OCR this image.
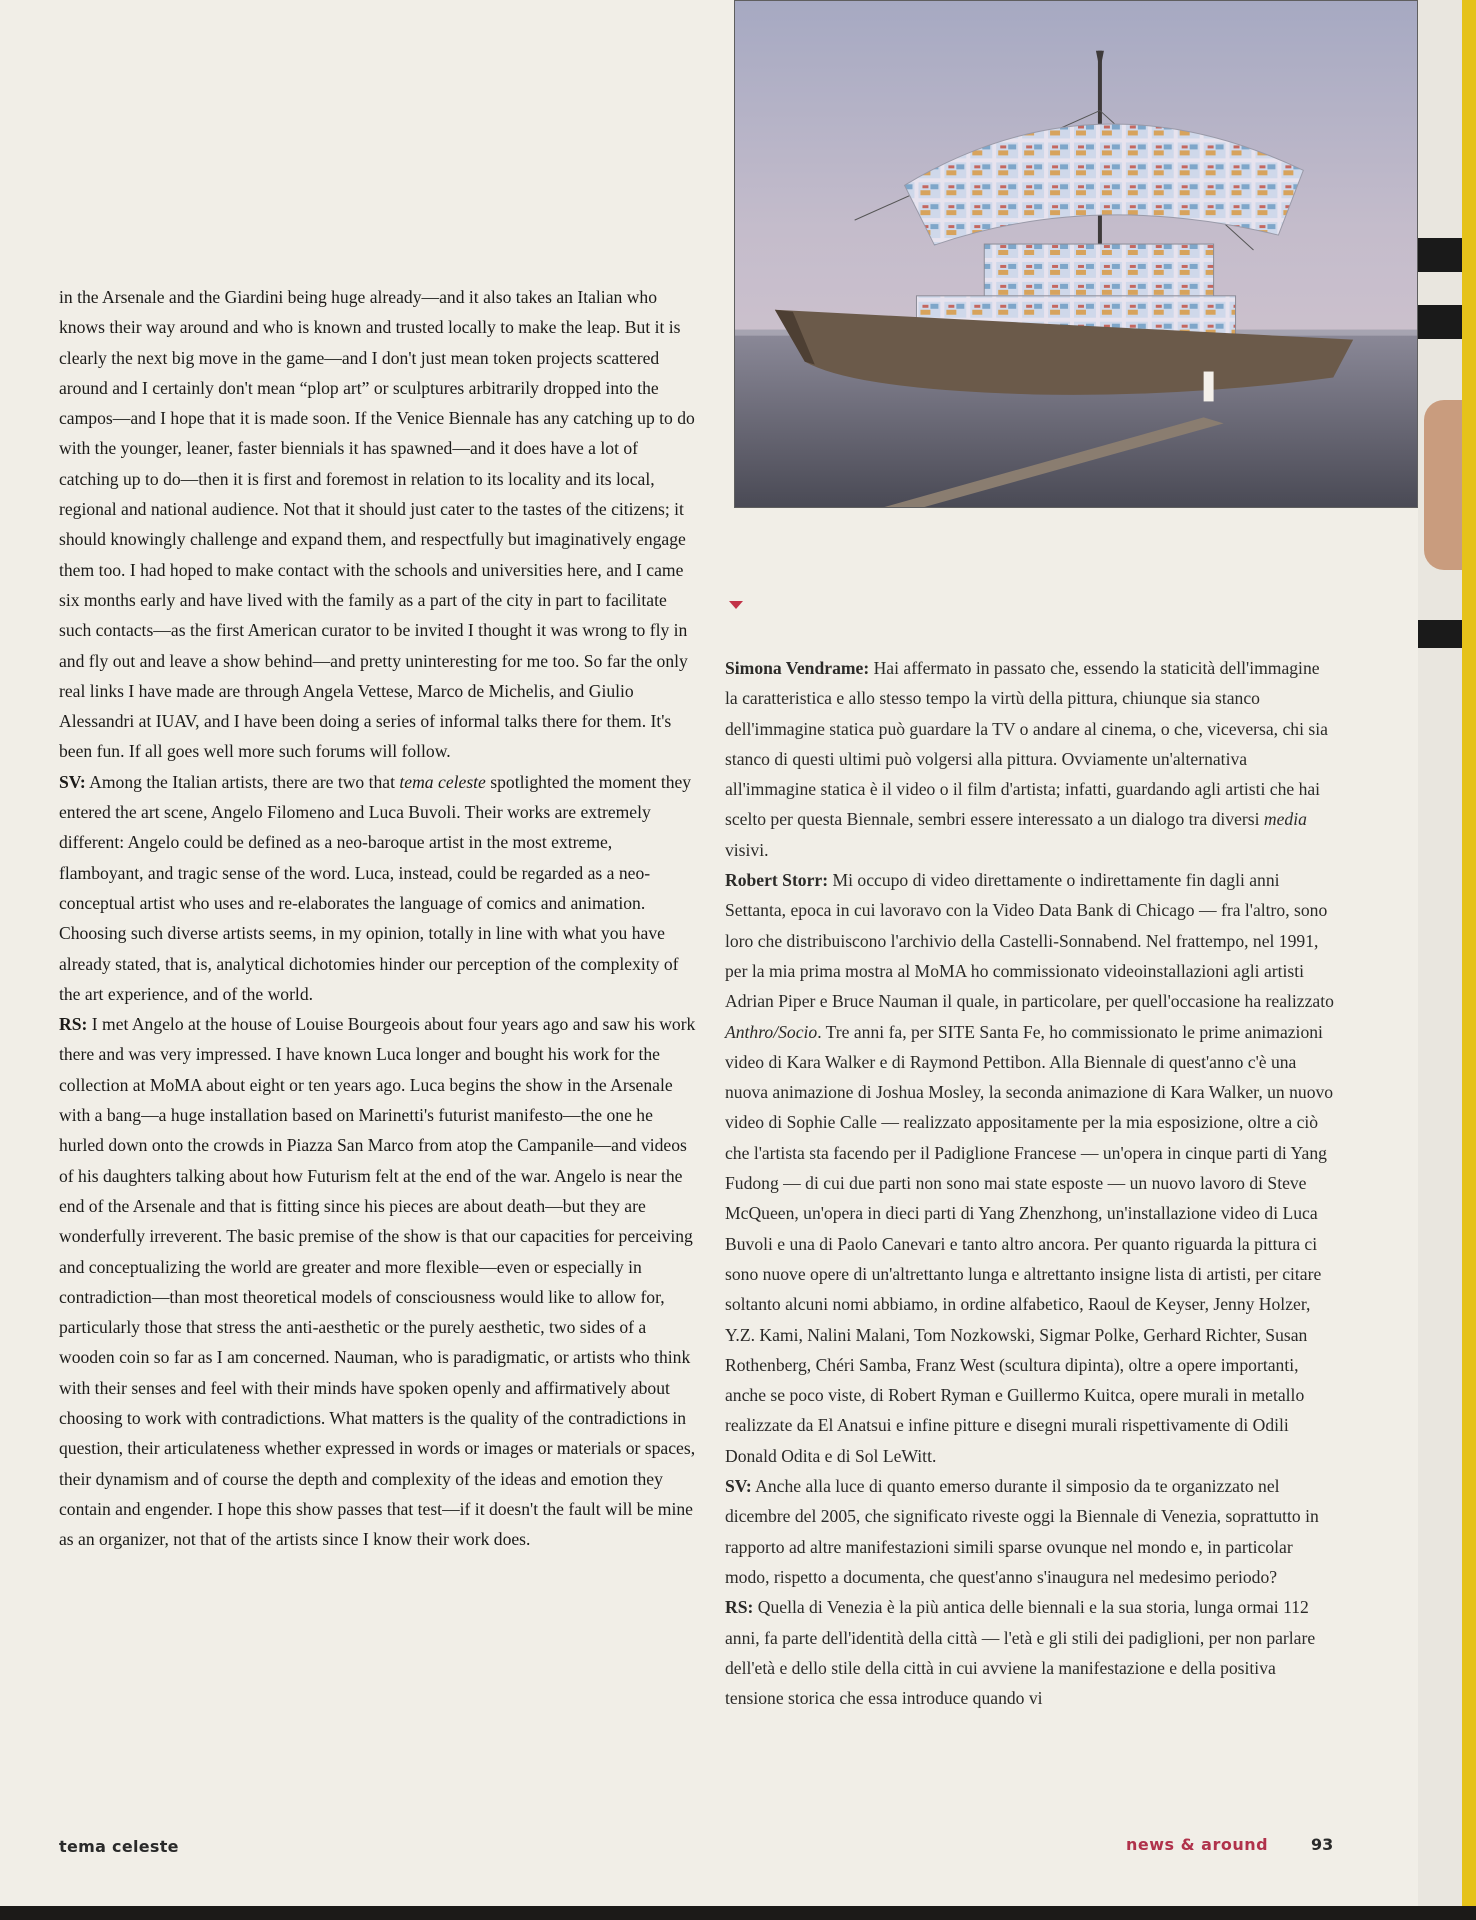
in the Arsenale and the Giardini being huge already—and it also takes an Italian who knows their way around and who is known and trusted locally to make the leap. But it is clearly the next big move in the game—and I don't just mean token projects scattered around and I certainly don't mean “plop art” or sculptures arbitrarily dropped into the campos—and I hope that it is made soon. If the Venice Biennale has any catching up to do with the younger, leaner, faster biennials it has spawned—and it does have a lot of catching up to do—then it is first and foremost in relation to its locality and its local, regional and national audience. Not that it should just cater to the tastes of the citizens; it should knowingly challenge and expand them, and respectfully but imaginatively engage them too. I had hoped to make contact with the schools and universities here, and I came six months early and have lived with the family as a part of the city in part to facilitate such contacts—as the first American curator to be invited I thought it was wrong to fly in and fly out and leave a show behind—and pretty uninteresting for me too. So far the only real links I have made are through Angela Vettese, Marco de Michelis, and Giulio Alessandri at IUAV, and I have been doing a series of informal talks there for them. It's been fun. If all goes well more such forums will follow.

SV: Among the Italian artists, there are two that tema celeste spotlighted the moment they entered the art scene, Angelo Filomeno and Luca Buvoli. Their works are extremely different: Angelo could be defined as a neo-baroque artist in the most extreme, flamboyant, and tragic sense of the word. Luca, instead, could be regarded as a neo-conceptual artist who uses and re-elaborates the language of comics and animation. Choosing such diverse artists seems, in my opinion, totally in line with what you have already stated, that is, analytical dichotomies hinder our perception of the complexity of the art experience, and of the world.

RS: I met Angelo at the house of Louise Bourgeois about four years ago and saw his work there and was very impressed. I have known Luca longer and bought his work for the collection at MoMA about eight or ten years ago. Luca begins the show in the Arsenale with a bang—a huge installation based on Marinetti's futurist manifesto—the one he hurled down onto the crowds in Piazza San Marco from atop the Campanile—and videos of his daughters talking about how Futurism felt at the end of the war. Angelo is near the end of the Arsenale and that is fitting since his pieces are about death—but they are wonderfully irreverent. The basic premise of the show is that our capacities for perceiving and conceptualizing the world are greater and more flexible—even or especially in contradiction—than most theoretical models of consciousness would like to allow for, particularly those that stress the anti-aesthetic or the purely aesthetic, two sides of a wooden coin so far as I am concerned. Nauman, who is paradigmatic, or artists who think with their senses and feel with their minds have spoken openly and affirmatively about choosing to work with contradictions. What matters is the quality of the contradictions in question, their articulateness whether expressed in words or images or materials or spaces, their dynamism and of course the depth and complexity of the ideas and emotion they contain and engender. I hope this show passes that test—if it doesn't the fault will be mine as an organizer, not that of the artists since I know their work does.

Simona Vendrame: Hai affermato in passato che, essendo la staticità dell'immagine la caratteristica e allo stesso tempo la virtù della pittura, chiunque sia stanco dell'immagine statica può guardare la TV o andare al cinema, o che, viceversa, chi sia stanco di questi ultimi può volgersi alla pittura. Ovviamente un'alternativa all'immagine statica è il video o il film d'artista; infatti, guardando agli artisti che hai scelto per questa Biennale, sembri essere interessato a un dialogo tra diversi media visivi.

Robert Storr: Mi occupo di video direttamente o indirettamente fin dagli anni Settanta, epoca in cui lavoravo con la Video Data Bank di Chicago — fra l'altro, sono loro che distribuiscono l'archivio della Castelli-Sonnabend. Nel frattempo, nel 1991, per la mia prima mostra al MoMA ho commissionato videoinstallazioni agli artisti Adrian Piper e Bruce Nauman il quale, in particolare, per quell'occasione ha realizzato Anthro/Socio. Tre anni fa, per SITE Santa Fe, ho commissionato le prime animazioni video di Kara Walker e di Raymond Pettibon. Alla Biennale di quest'anno c'è una nuova animazione di Joshua Mosley, la seconda animazione di Kara Walker, un nuovo video di Sophie Calle — realizzato appositamente per la mia esposizione, oltre a ciò che l'artista sta facendo per il Padiglione Francese — un'opera in cinque parti di Yang Fudong — di cui due parti non sono mai state esposte — un nuovo lavoro di Steve McQueen, un'opera in dieci parti di Yang Zhenzhong, un'installazione video di Luca Buvoli e una di Paolo Canevari e tanto altro ancora. Per quanto riguarda la pittura ci sono nuove opere di un'altrettanto lunga e altrettanto insigne lista di artisti, per citare soltanto alcuni nomi abbiamo, in ordine alfabetico, Raoul de Keyser, Jenny Holzer, Y.Z. Kami, Nalini Malani, Tom Nozkowski, Sigmar Polke, Gerhard Richter, Susan Rothenberg, Chéri Samba, Franz West (scultura dipinta), oltre a opere importanti, anche se poco viste, di Robert Ryman e Guillermo Kuitca, opere murali in metallo realizzate da El Anatsui e infine pitture e disegni murali rispettivamente di Odili Donald Odita e di Sol LeWitt.

SV: Anche alla luce di quanto emerso durante il simposio da te organizzato nel dicembre del 2005, che significato riveste oggi la Biennale di Venezia, soprattutto in rapporto ad altre manifestazioni simili sparse ovunque nel mondo e, in particolar modo, rispetto a documenta, che quest'anno s'inaugura nel medesimo periodo?

RS: Quella di Venezia è la più antica delle biennali e la sua storia, lunga ormai 112 anni, fa parte dell'identità della città — l'età e gli stili dei padiglioni, per non parlare dell'età e dello stile della città in cui avviene la manifestazione e della positiva tensione storica che essa introduce quando vi

tema celeste	news & around	93
